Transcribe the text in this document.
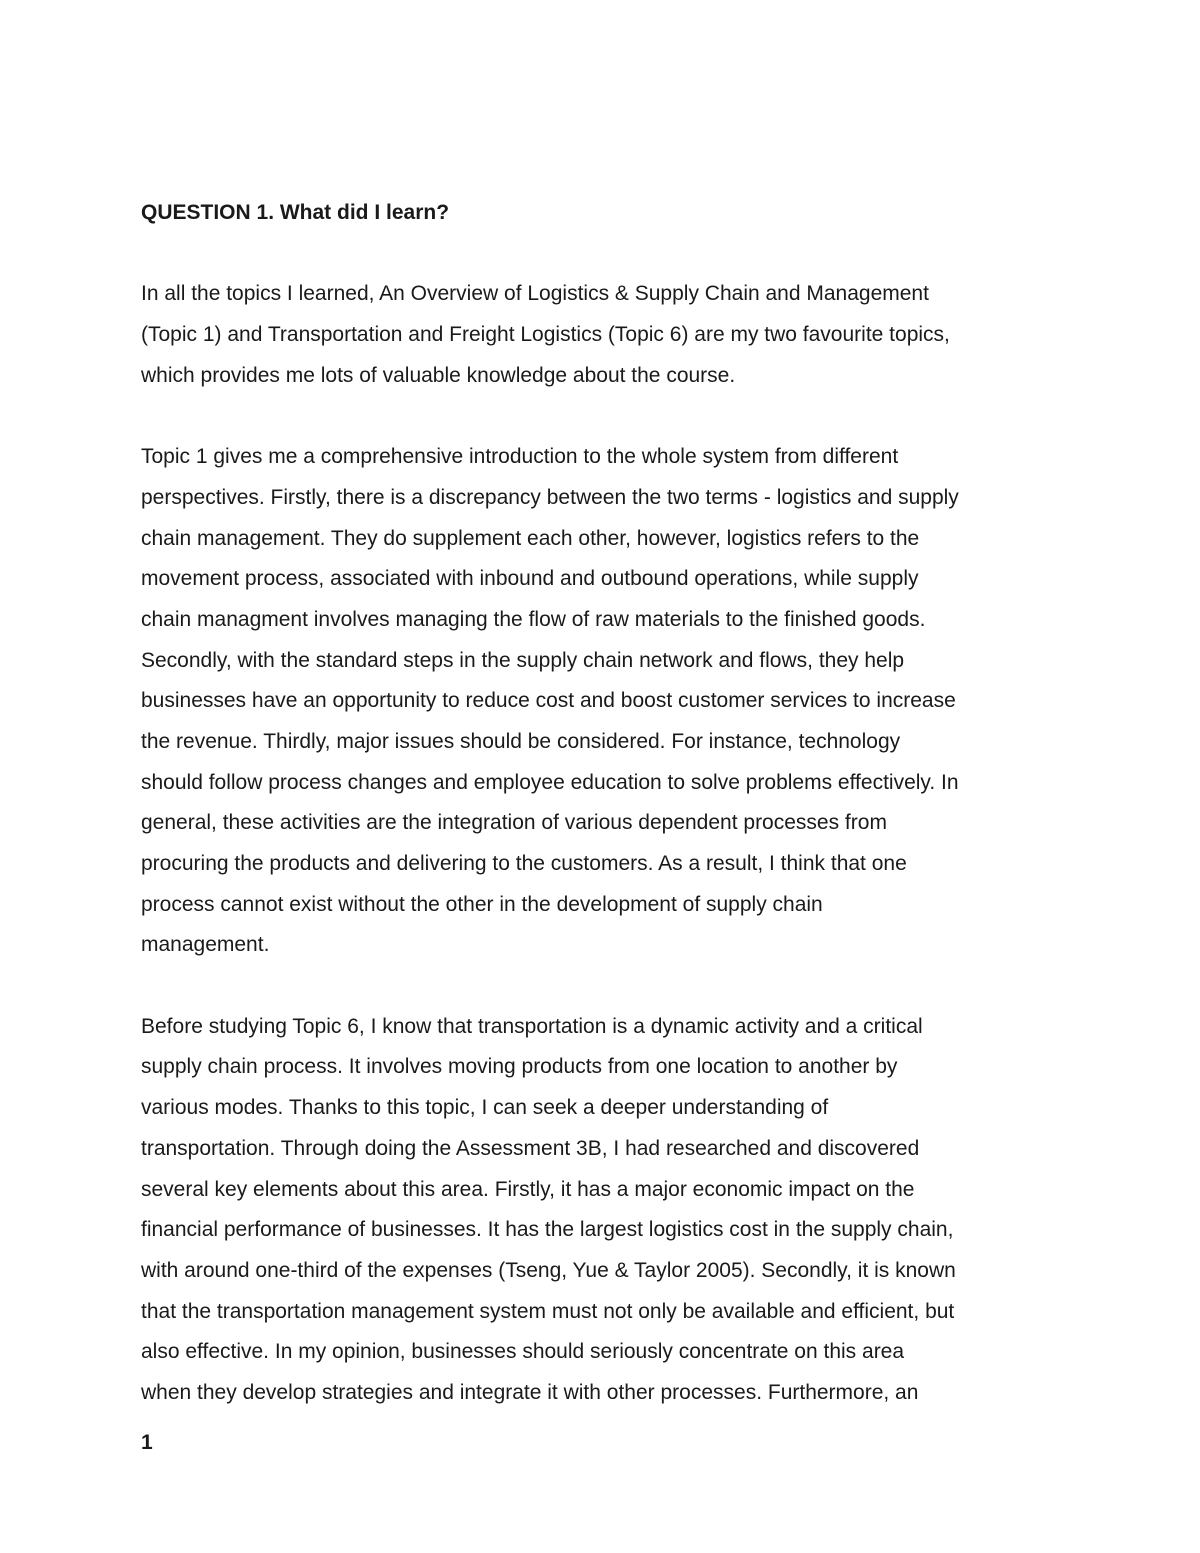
QUESTION 1. What did I learn?
In all the topics I learned, An Overview of Logistics & Supply Chain and Management
(Topic 1) and Transportation and Freight Logistics (Topic 6) are my two favourite topics,
which provides me lots of valuable knowledge about the course.
Topic 1 gives me a comprehensive introduction to the whole system from different
perspectives. Firstly, there is a discrepancy between the two terms - logistics and supply
chain management. They do supplement each other, however, logistics refers to the
movement process, associated with inbound and outbound operations, while supply
chain managment involves managing the flow of raw materials to the finished goods.
Secondly, with the standard steps in the supply chain network and flows, they help
businesses have an opportunity to reduce cost and boost customer services to increase
the revenue. Thirdly, major issues should be considered. For instance, technology
should follow process changes and employee education to solve problems effectively. In
general, these activities are the integration of various dependent processes from
procuring the products and delivering to the customers. As a result, I think that one
process cannot exist without the other in the development of supply chain
management.
Before studying Topic 6, I know that transportation is a dynamic activity and a critical
supply chain process. It involves moving products from one location to another by
various modes. Thanks to this topic, I can seek a deeper understanding of
transportation. Through doing the Assessment 3B, I had researched and discovered
several key elements about this area. Firstly, it has a major economic impact on the
financial performance of businesses. It has the largest logistics cost in the supply chain,
with around one-third of the expenses (Tseng, Yue & Taylor 2005). Secondly, it is known
that the transportation management system must not only be available and efficient, but
also effective. In my opinion, businesses should seriously concentrate on this area
when they develop strategies and integrate it with other processes. Furthermore, an
1
